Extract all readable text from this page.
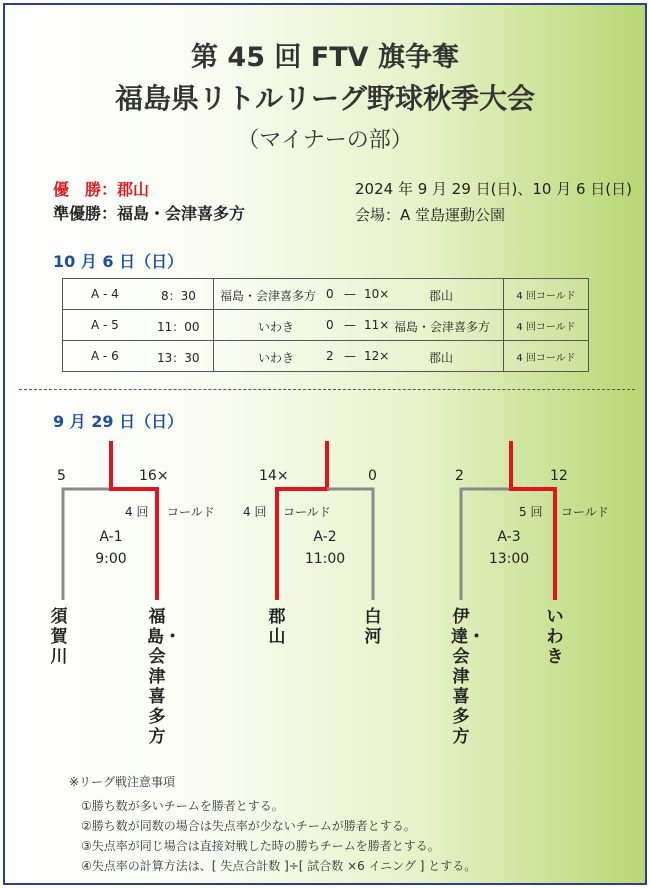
第 45 回 FTV 旗争奪
福島県リトルリーグ野球秋季大会
（マイナーの部）
優　勝：郡山
準優勝：福島・会津喜多方
2024 年 9 月 29 日(日)、10 月 6 日(日)
会場：A 堂島運動公園
10 月 6 日（日）
A - 4 8：30	福島・会津喜多方 0 — 10× 郡山	4 回コールド

A - 5 11：00	いわき 0 — 11× 福島・会津喜多方	4 回コールド

A - 6 13：30	いわき 2 — 12× 郡山	4 回コールド
9 月 29 日（日）
5	16×
4 回 コールド
A-1
9:00
須賀川
福島・会津喜多方
14×	0
4 回 コールド
A-2
11:00
郡山
白河
2	12
5 回 コールド
A-3
13:00
伊達・会津喜多方
いわき
※リーグ戦注意事項
①勝ち数が多いチームを勝者とする。
②勝ち数が同数の場合は失点率が少ないチームが勝者とする。
③失点率が同じ場合は直接対戦した時の勝ちチームを勝者とする。
④失点率の計算方法は、[ 失点合計数 ]÷[ 試合数 ×6 イニング ] とする。
